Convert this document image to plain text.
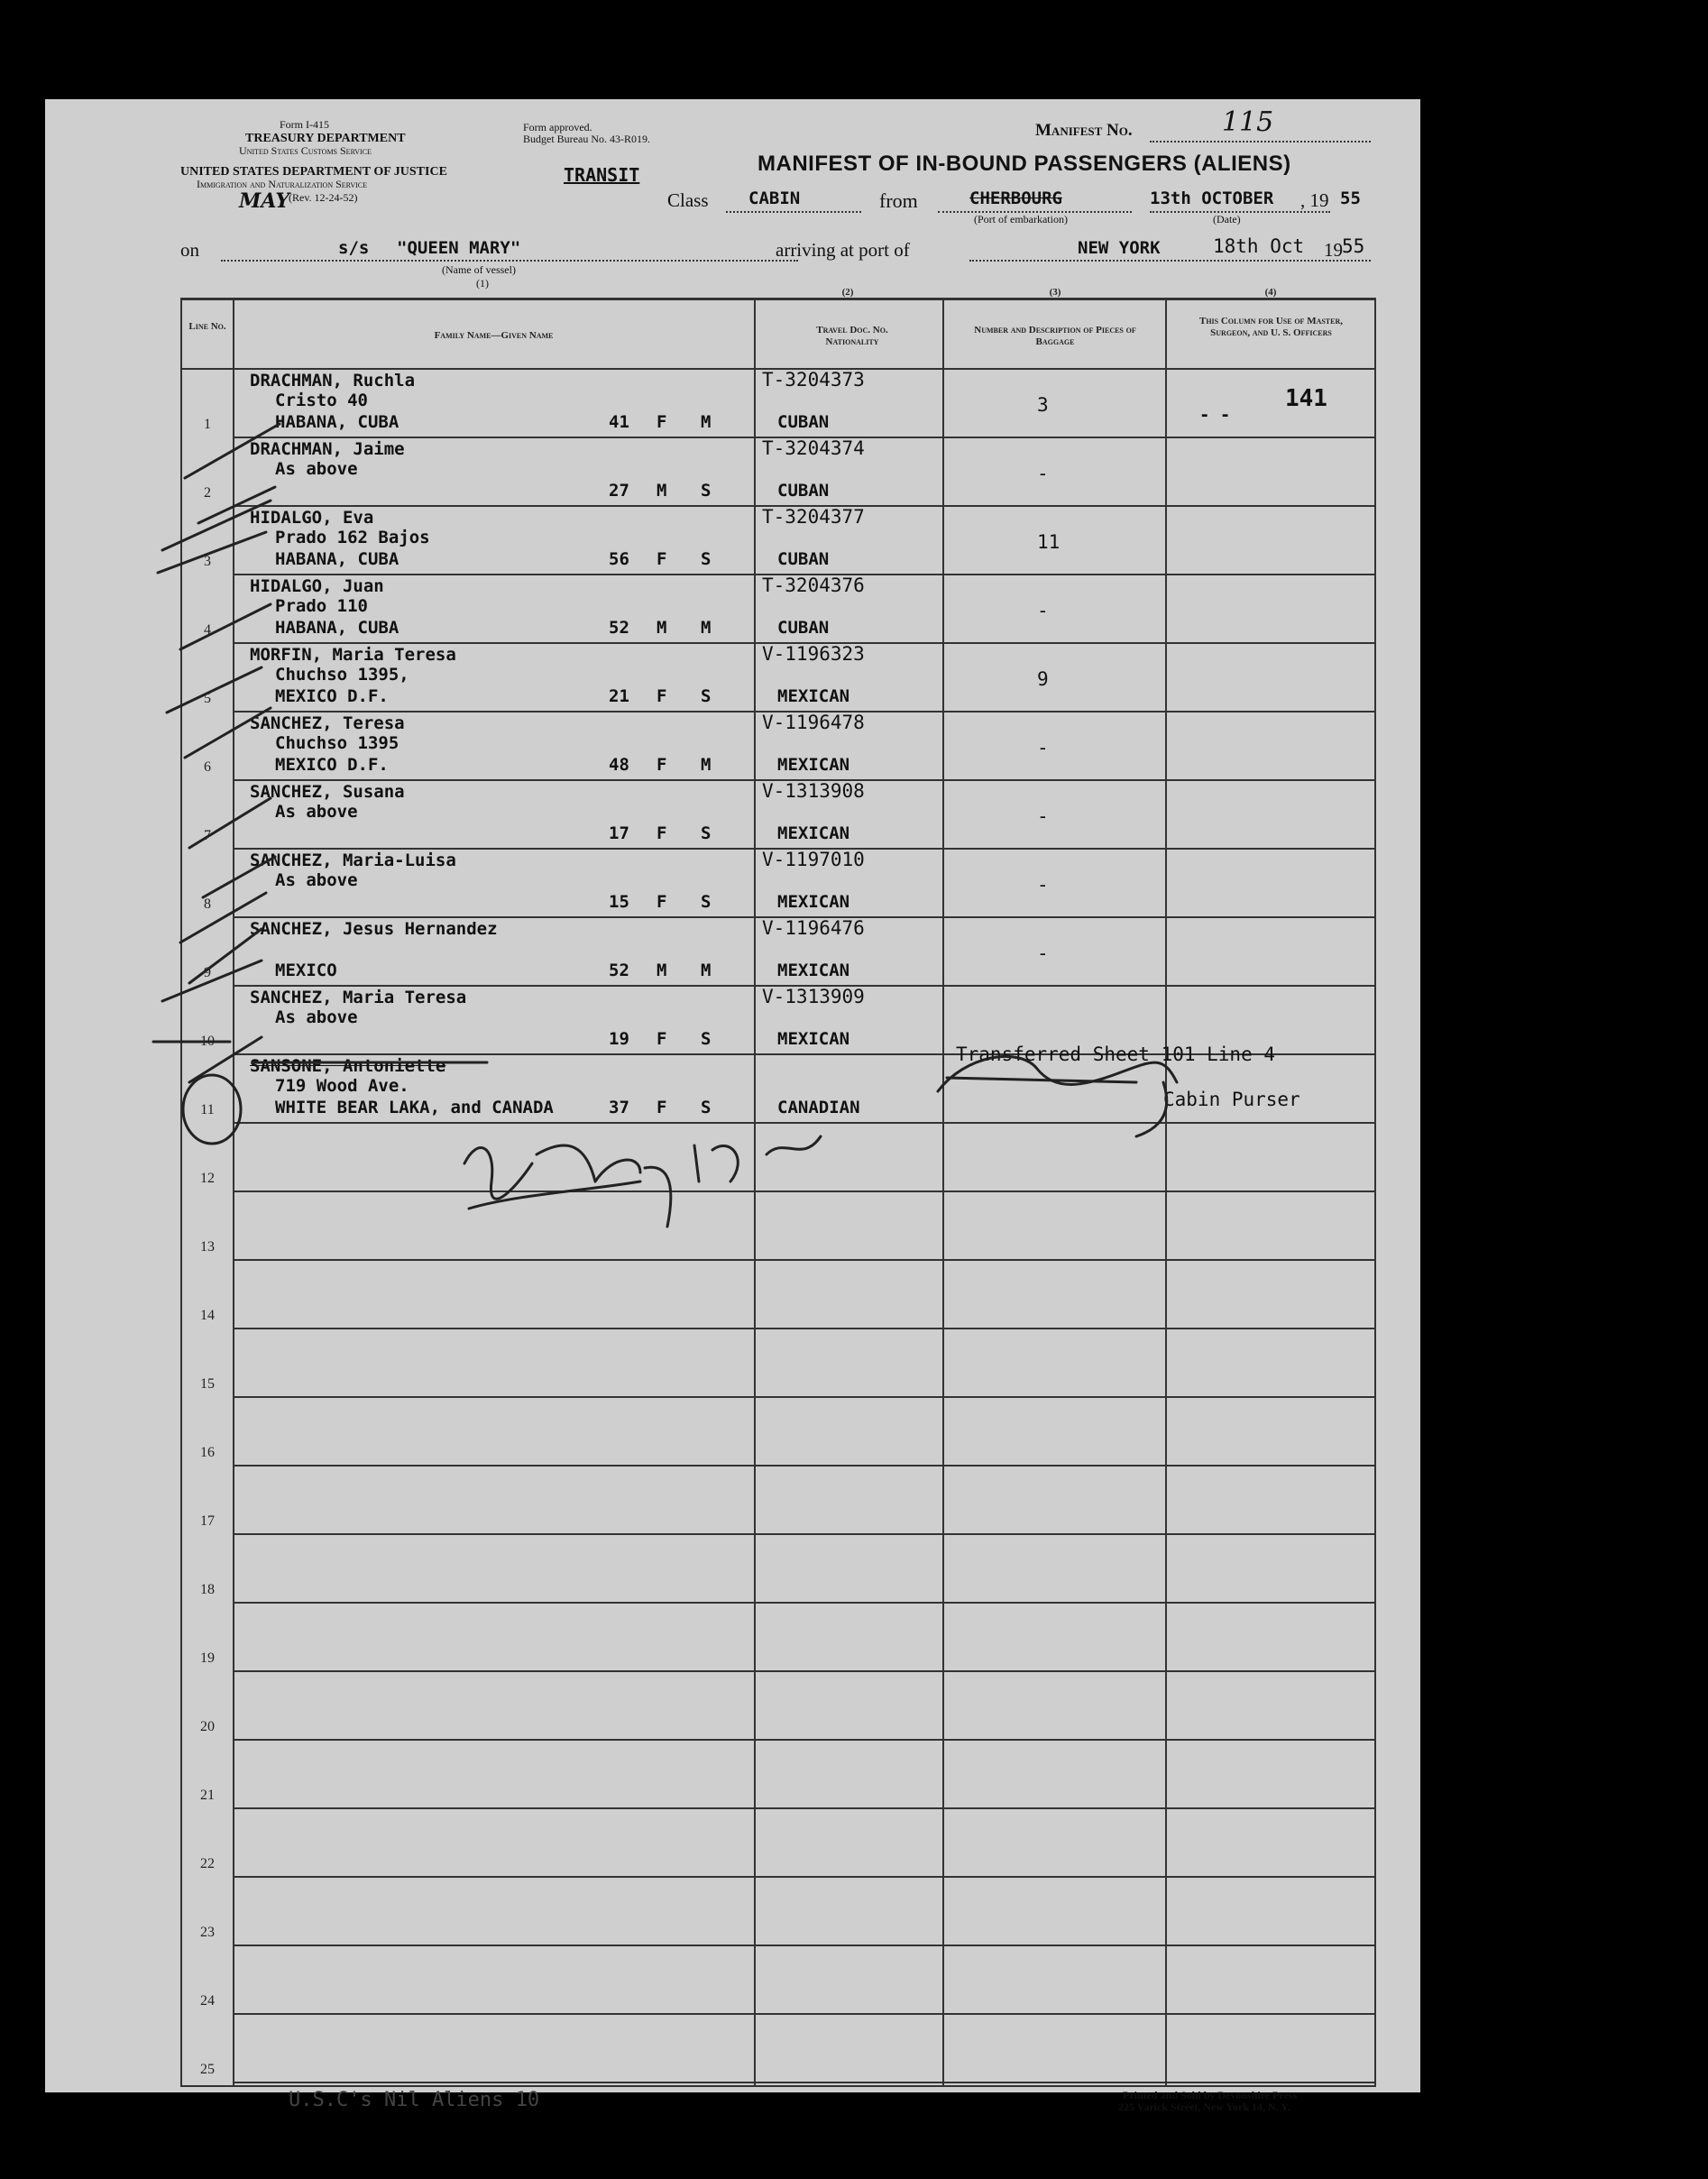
Form I-415
TREASURY DEPARTMENT
United States Customs Service
UNITED STATES DEPARTMENT OF JUSTICE
Immigration and Naturalization Service
MAY
(Rev. 12-24-52)
Form approved.
Budget Bureau No. 43-R019.
TRANSIT
Manifest No.	115
MANIFEST OF IN-BOUND PASSENGERS (ALIENS)
Class CABIN	from	CHERBOURG
(Port of embarkation)
13th OCTOBER , 19 55
(Date)
on	s/s "QUEEN MARY"
(Name of vessel)
(1)
arriving at port of	NEW YORK	18th Oct 19 55
Line No.
Family Name—Given Name
(2)
Travel Doc. No. Nationality
(3)
Number and Description of Pieces of Baggage
(4)
This Column for Use of Master, Surgeon, and U. S. Officers
1
DRACHMAN, Ruchla
Cristo 40
HABANA, CUBA	41 F M
T-3204373
CUBAN
3	141
2
DRACHMAN, Jaime
As above
27 M S
T-3204374
CUBAN
-
3
HIDALGO, Eva
Prado 162 Bajos
HABANA, CUBA	56 F S
T-3204377
CUBAN
11
4
HIDALGO, Juan
Prado 110
HABANA, CUBA	52 M M
T-3204376
CUBAN
-
5
MORFIN, Maria Teresa
Chuchso 1395,
MEXICO D.F.	21 F S
V-1196323
MEXICAN
9
6
SANCHEZ, Teresa
Chuchso 1395
MEXICO D.F.	48 F M
V-1196478
MEXICAN
-
7
SANCHEZ, Susana
As above
17 F S
V-1313908
MEXICAN
-
8
SANCHEZ, Maria-Luisa
As above
15 F S
V-1197010
MEXICAN
-
9
SANCHEZ, Jesus Hernandez
MEXICO	52 M M
V-1196476
MEXICAN
-
10
SANCHEZ, Maria Teresa
As above
19 F S
V-1313909
MEXICAN
11
SANSONE, Antoniette
719 Wood Ave.
WHITE BEAR LAKA, and CANADA	37 F S	CANADIAN
12
13
14
15
16
17
18
19
20
21
22
23
24
25
Transferred Sheet 101 Line 4
Cabin Purser
- -
U.S.C's Nil Aliens 10	Printed and Sold by Devonshire Press
225 Varick Street, New York 14, N. Y.
